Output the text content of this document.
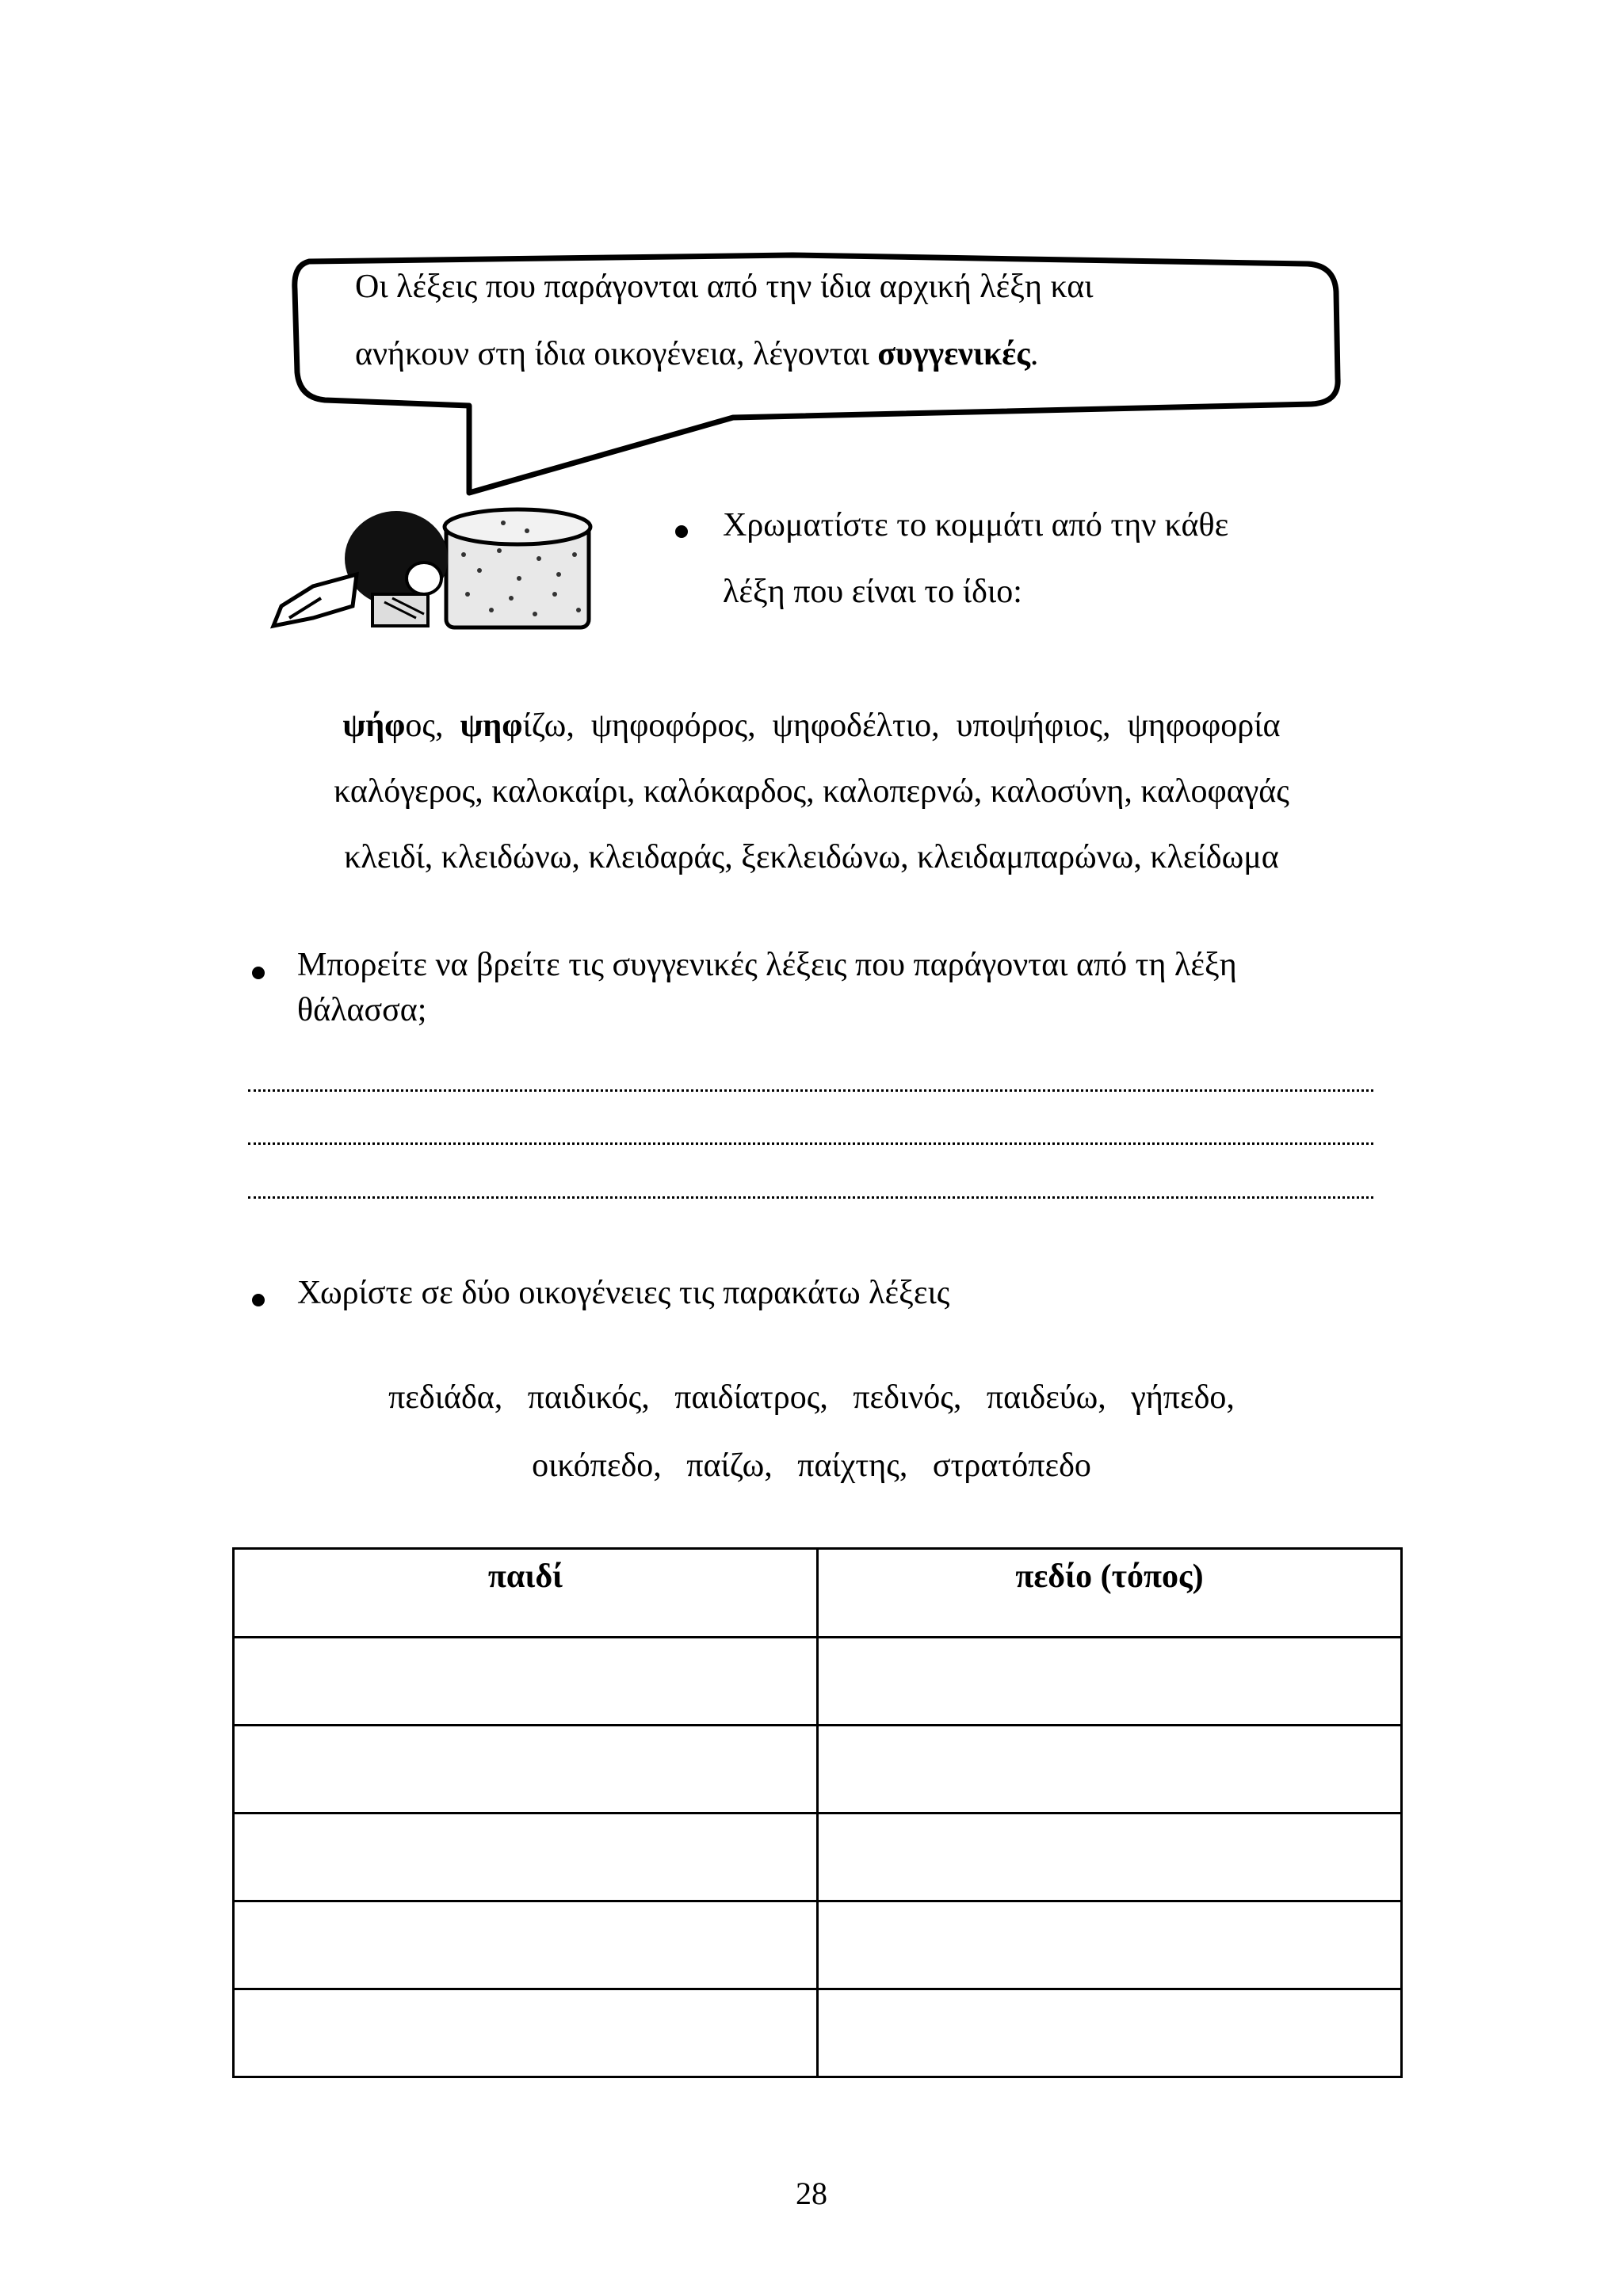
Οι λέξεις που παράγονται από την ίδια αρχική λέξη και
ανήκουν στη ίδια οικογένεια, λέγονται συγγενικές.
Χρωματίστε το κομμάτι από την κάθε
λέξη που είναι το ίδιο:
ψήφος, ψηφίζω, ψηφοφόρος, ψηφοδέλτιο, υποψήφιος, ψηφοφορία
καλόγερος, καλοκαίρι, καλόκαρδος, καλοπερνώ, καλοσύνη, καλοφαγάς
κλειδί, κλειδώνω, κλειδαράς, ξεκλειδώνω, κλειδαμπαρώνω, κλείδωμα
Μπορείτε να βρείτε τις συγγενικές λέξεις που παράγονται από τη λέξη
θάλασσα;
Χωρίστε σε δύο οικογένειες τις παρακάτω λέξεις
πεδιάδα,   παιδικός,   παιδίατρος,   πεδινός,   παιδεύω,   γήπεδο,
οικόπεδο,   παίζω,   παίχτης,   στρατόπεδο
παιδί	πεδίο (τόπος)

28
